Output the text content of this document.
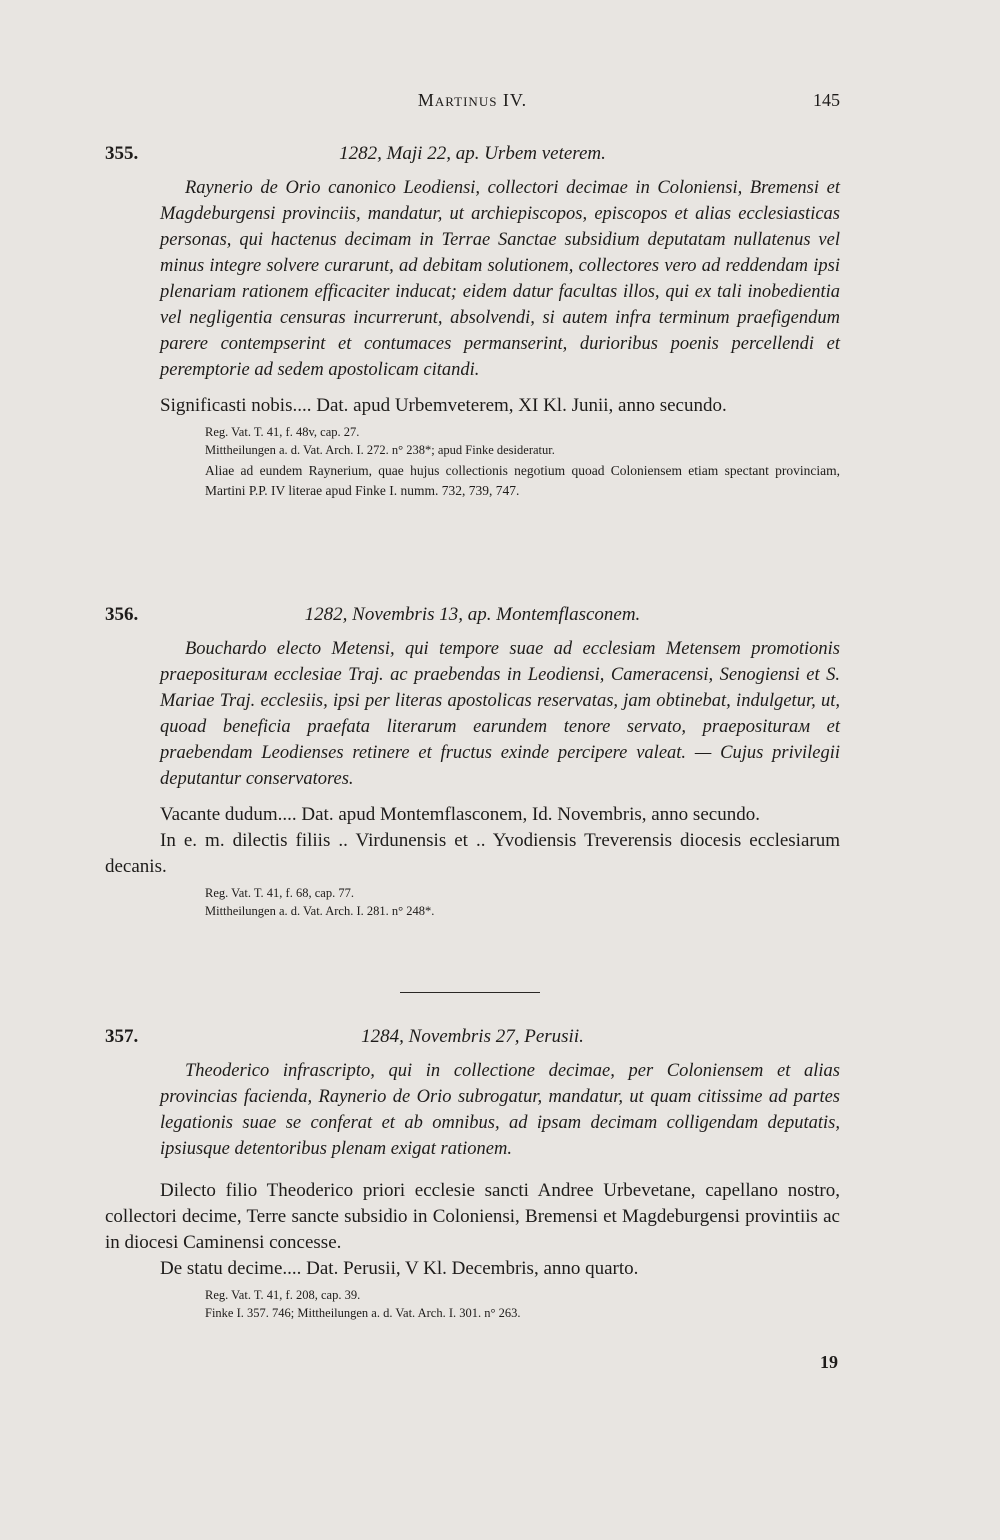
Martinus IV.	145
355.	1282, Maji 22, ap. Urbem veterem.

Raynerio de Orio canonico Leodiensi, collectori decimae in Coloniensi, Bremensi et Magdeburgensi provinciis, mandatur, ut archiepiscopos, episcopos et alias ecclesiasticas personas, qui hactenus decimam in Terrae Sanctae subsidium deputatam nullatenus vel minus integre solvere curarunt, ad debitam solutionem, collectores vero ad reddendam ipsi plenariam rationem efficaciter inducat; eidem datur facultas illos, qui ex tali inobedientia vel negligentia censuras incurrerunt, absolvendi, si autem infra terminum praefigendum parere contempserint et contumaces permanserint, durioribus poenis percellendi et peremptorie ad sedem apostolicam citandi.

Significasti nobis.... Dat. apud Urbemveterem, XI Kl. Junii, anno secundo.

Reg. Vat. T. 41, f. 48v, cap. 27.
Mittheilungen a. d. Vat. Arch. I. 272. n° 238*; apud Finke desideratur.

Aliae ad eundem Raynerium, quae hujus collectionis negotium quoad Coloniensem etiam spectant provinciam, Martini P.P. IV literae apud Finke I. numm. 732, 739, 747.

356.	1282, Novembris 13, ap. Montemflasconem.

Bouchardo electo Metensi, qui tempore suae ad ecclesiam Metensem promotionis praepositurам ecclesiae Traj. ac praebendas in Leodiensi, Cameracensi, Senogiensi et S. Mariae Traj. ecclesiis, ipsi per literas apostolicas reservatas, jam obtinebat, indulgetur, ut, quoad beneficia praefata literarum earundem tenore servato, praepositurам et praebendam Leodienses retinere et fructus exinde percipere valeat. — Cujus privilegii deputantur conservatores.

Vacante dudum.... Dat. apud Montemflasconem, Id. Novembris, anno secundo.

In e. m. dilectis filiis .. Virdunensis et .. Yvodiensis Treverensis diocesis ecclesiarum decanis.

Reg. Vat. T. 41, f. 68, cap. 77.
Mittheilungen a. d. Vat. Arch. I. 281. n° 248*.
357.	1284, Novembris 27, Perusii.

Theoderico infrascripto, qui in collectione decimae, per Coloniensem et alias provincias facienda, Raynerio de Orio subrogatur, mandatur, ut quam citissime ad partes legationis suae se conferat et ab omnibus, ad ipsam decimam colligendam deputatis, ipsiusque detentoribus plenam exigat rationem.

Dilecto filio Theoderico priori ecclesie sancti Andree Urbevetane, capellano nostro, collectori decime, Terre sancte subsidio in Coloniensi, Bremensi et Magdeburgensi provintiis ac in diocesi Caminensi concesse.

De statu decime.... Dat. Perusii, V Kl. Decembris, anno quarto.

Reg. Vat. T. 41, f. 208, cap. 39.
Finke I. 357. 746; Mittheilungen a. d. Vat. Arch. I. 301. n° 263.
19
